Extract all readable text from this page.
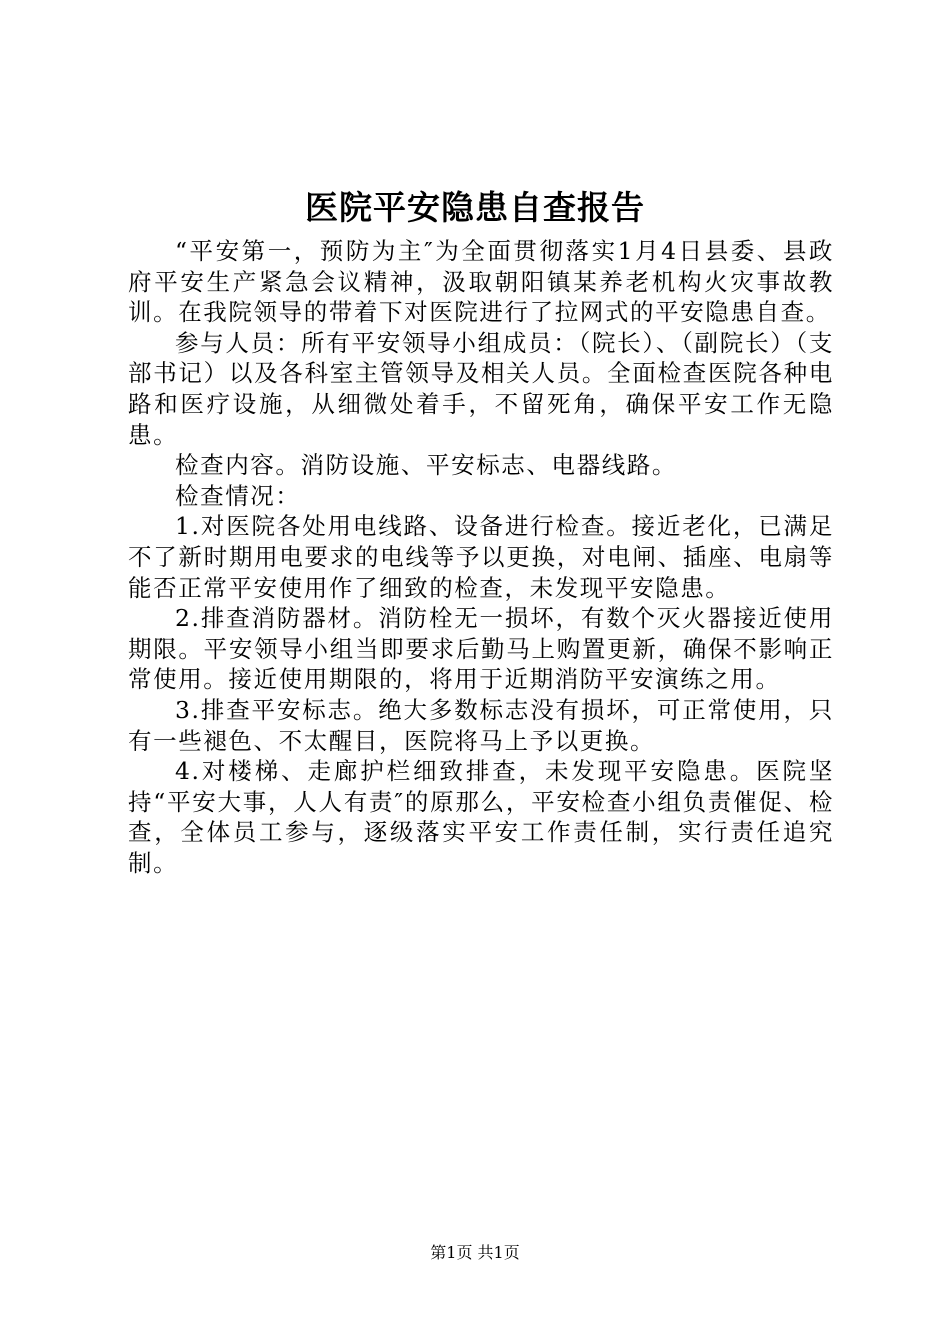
医院平安隐患自查报告

“平安第一，预防为主″为全面贯彻落实1月4日县委、县政府平安生产紧急会议精神，汲取朝阳镇某养老机构火灾事故教训。在我院领导的带着下对医院进行了拉网式的平安隐患自查。

参与人员：所有平安领导小组成员：（院长）、（副院长）（支部书记）以及各科室主管领导及相关人员。全面检查医院各种电路和医疗设施，从细微处着手，不留死角，确保平安工作无隐患。

检查内容。消防设施、平安标志、电器线路。

检查情况：

1.对医院各处用电线路、设备进行检查。接近老化，已满足不了新时期用电要求的电线等予以更换，对电闸、插座、电扇等能否正常平安使用作了细致的检查，未发现平安隐患。

2.排查消防器材。消防栓无一损坏，有数个灭火器接近使用期限。平安领导小组当即要求后勤马上购置更新，确保不影响正常使用。接近使用期限的，将用于近期消防平安演练之用。

3.排查平安标志。绝大多数标志没有损坏，可正常使用，只有一些褪色、不太醒目，医院将马上予以更换。

4.对楼梯、走廊护栏细致排查，未发现平安隐患。医院坚持“平安大事，人人有责″的原那么，平安检查小组负责催促、检查，全体员工参与，逐级落实平安工作责任制，实行责任追究制。

第1页 共1页
